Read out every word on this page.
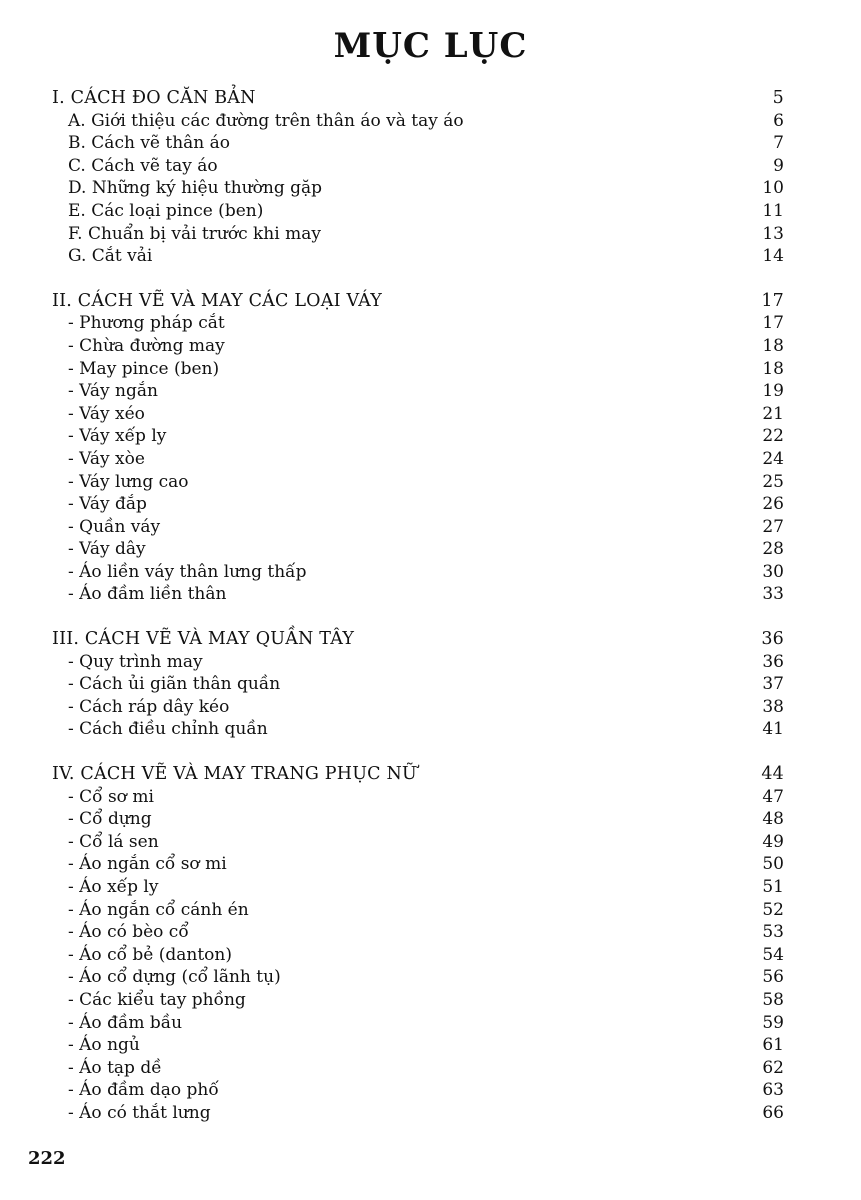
MỤC LỤC
I. CÁCH ĐO CĂN BẢN	5
A. Giới thiệu các đường trên thân áo và tay áo	6
B. Cách vẽ thân áo	7
C. Cách vẽ tay áo	9
D. Những ký hiệu thường gặp	10
E. Các loại pince (ben)	11
F. Chuẩn bị vải trước khi may	13
G. Cắt vải	14
II. CÁCH VẼ VÀ MAY CÁC LOẠI VÁY	17
- Phương pháp cắt	17
- Chừa đường may	18
- May pince (ben)	18
- Váy ngắn	19
- Váy xéo	21
- Váy xếp ly	22
- Váy xòe	24
- Váy lưng cao	25
- Váy đắp	26
- Quần váy	27
- Váy dây	28
- Áo liền váy thân lưng thấp	30
- Áo đầm liền thân	33
III. CÁCH VẼ VÀ MAY QUẦN TÂY	36
- Quy trình may	36
- Cách ủi giãn thân quần	37
- Cách ráp dây kéo	38
- Cách điều chỉnh quần	41
IV. CÁCH VẼ VÀ MAY TRANG PHỤC NỮ	44
- Cổ sơ mi	47
- Cổ dựng	48
- Cổ lá sen	49
- Áo ngắn cổ sơ mi	50
- Áo xếp ly	51
- Áo ngắn cổ cánh én	52
- Áo có bèo cổ	53
- Áo cổ bẻ (danton)	54
- Áo cổ dựng (cổ lãnh tụ)	56
- Các kiểu tay phồng	58
- Áo đầm bầu	59
- Áo ngủ	61
- Áo tạp dề	62
- Áo đầm dạo phố	63
- Áo có thắt lưng	66
222
